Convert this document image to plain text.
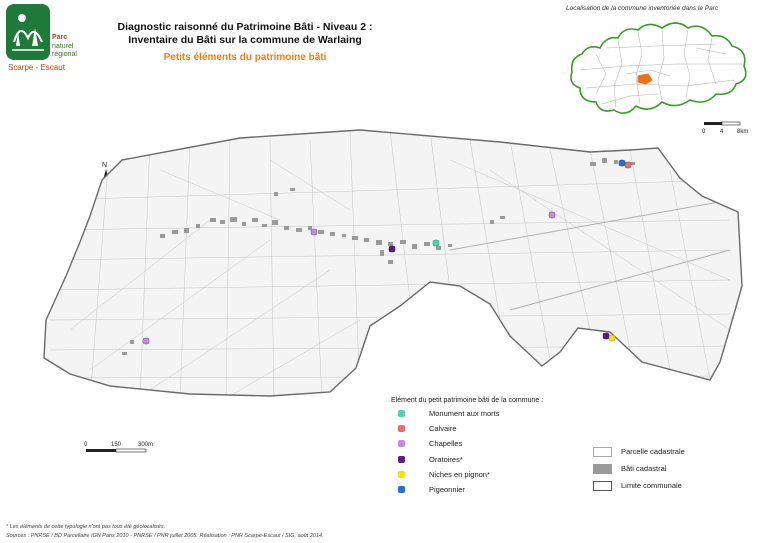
Parc
naturel
régional
Scarpe - Escaut
Diagnostic raisonné du Patrimoine Bâti - Niveau 2 :
Inventaire du Bâti sur la commune de Warlaing
Petits éléments du patrimoine bâti
Localisation de la commune inventoriée dans le Parc
0 4 8km
N
0	150	300m
Elément du petit patrimoine bâti de la commune :
Monument aux morts
Calvaire
Chapelles
Oratoires*
Niches en pignon*
Pigeonnier
Parcelle cadastrale
Bâti cadastral
Limite communale
* Les éléments de cette typologie n'ont pas tous été géolocalisés.
Sources : PNRSE / BD Parcellaire IGN Paris 2010 - PNRSE / PNR juillet 2005. Réalisation : PNR Scarpe-Escaut / SIG, août 2014.
